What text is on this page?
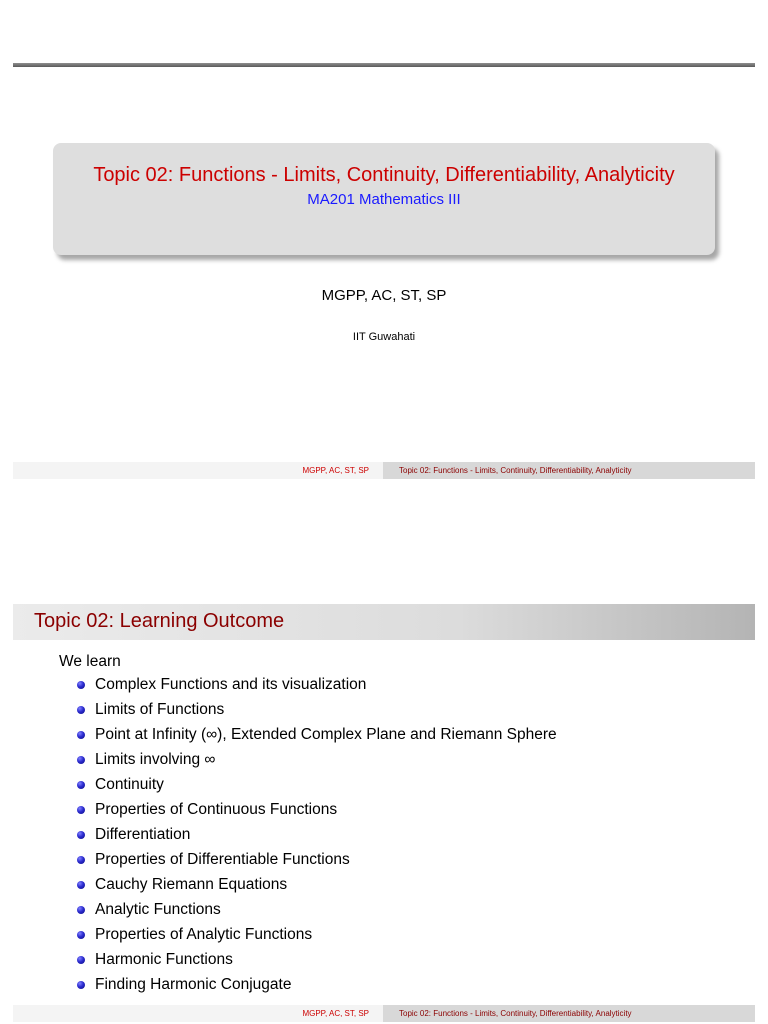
Topic 02: Functions - Limits, Continuity, Differentiability, Analyticity
MA201 Mathematics III
MGPP, AC, ST, SP
IIT Guwahati
MGPP, AC, ST, SP	Topic 02: Functions - Limits, Continuity, Differentiability, Analyticity
Topic 02: Learning Outcome
We learn
Complex Functions and its visualization
Limits of Functions
Point at Infinity (∞), Extended Complex Plane and Riemann Sphere
Limits involving ∞
Continuity
Properties of Continuous Functions
Differentiation
Properties of Differentiable Functions
Cauchy Riemann Equations
Analytic Functions
Properties of Analytic Functions
Harmonic Functions
Finding Harmonic Conjugate
MGPP, AC, ST, SP	Topic 02: Functions - Limits, Continuity, Differentiability, Analyticity
